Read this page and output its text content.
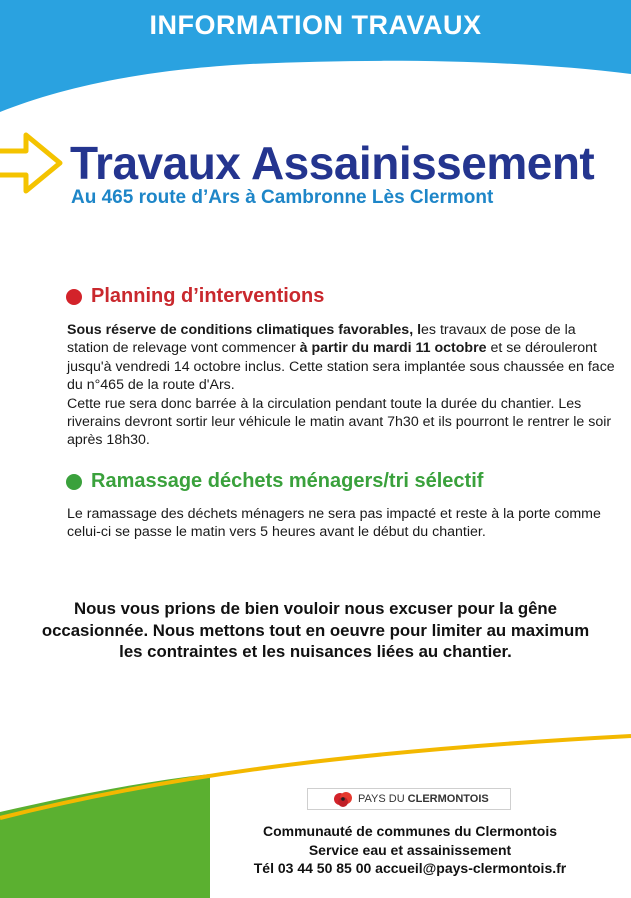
INFORMATION TRAVAUX
Travaux Assainissement
Au 465 route d’Ars à Cambronne Lès Clermont
Planning d’interventions
Sous réserve de conditions climatiques favorables, les travaux de pose de la station de relevage vont commencer à partir du mardi 11 octobre et se dérouleront jusqu'à vendredi 14 octobre inclus. Cette station sera implantée sous chaussée en face du n°465 de la route d'Ars.
Cette rue sera donc barrée à la circulation pendant toute la durée du chantier. Les riverains devront sortir leur véhicule le matin avant 7h30 et ils pourront le rentrer le soir après 18h30.
Ramassage déchets ménagers/tri sélectif
Le ramassage des déchets ménagers ne sera pas impacté et reste à la porte comme celui-ci se passe le matin vers 5 heures avant le début du chantier.
Nous vous prions de bien vouloir nous excuser pour la gêne occasionnée. Nous mettons tout en oeuvre pour limiter au maximum les contraintes et les nuisances liées au chantier.
PAYS DU CLERMONTOIS
Communauté de communes du Clermontois
Service eau et assainissement
Tél 03 44 50 85 00 accueil@pays-clermontois.fr
